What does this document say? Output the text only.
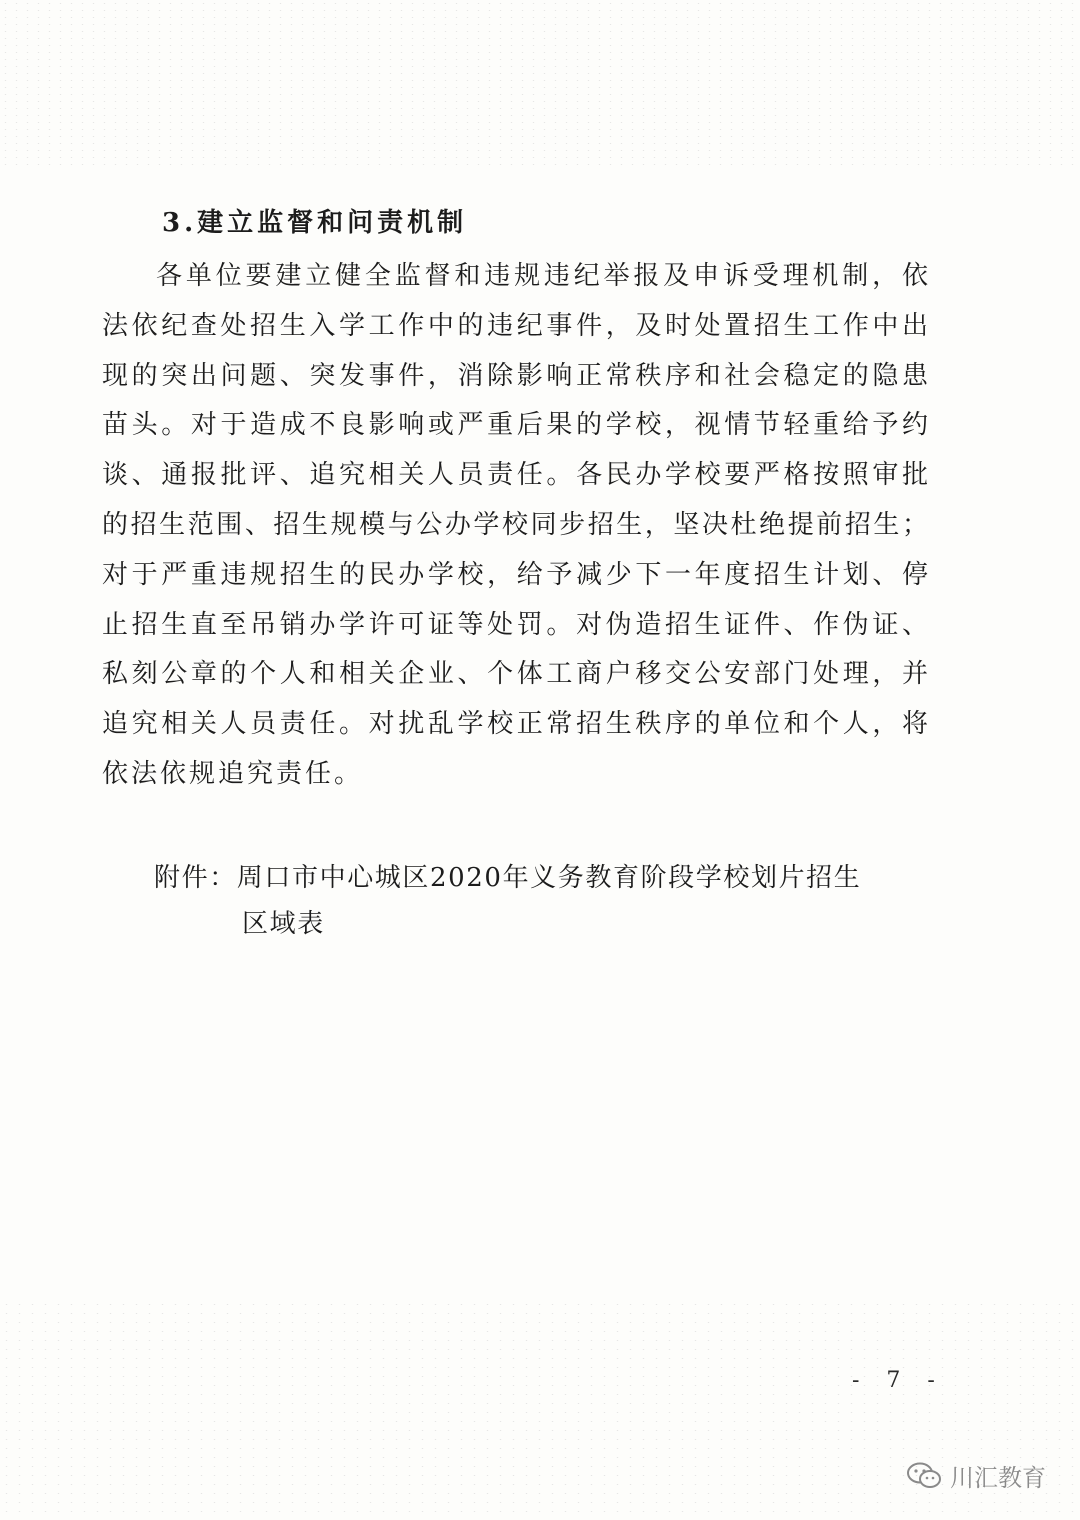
3.建立监督和问责机制
各单位要建立健全监督和违规违纪举报及申诉受理机制，依
法依纪查处招生入学工作中的违纪事件，及时处置招生工作中出
现的突出问题、突发事件，消除影响正常秩序和社会稳定的隐患
苗头。对于造成不良影响或严重后果的学校，视情节轻重给予约
谈、通报批评、追究相关人员责任。各民办学校要严格按照审批
的招生范围、招生规模与公办学校同步招生，坚决杜绝提前招生；
对于严重违规招生的民办学校，给予减少下一年度招生计划、停
止招生直至吊销办学许可证等处罚。对伪造招生证件、作伪证、
私刻公章的个人和相关企业、个体工商户移交公安部门处理，并
追究相关人员责任。对扰乱学校正常招生秩序的单位和个人，将
依法依规追究责任。
附件：周口市中心城区2020年义务教育阶段学校划片招生
区域表
- 7 -
川汇教育
